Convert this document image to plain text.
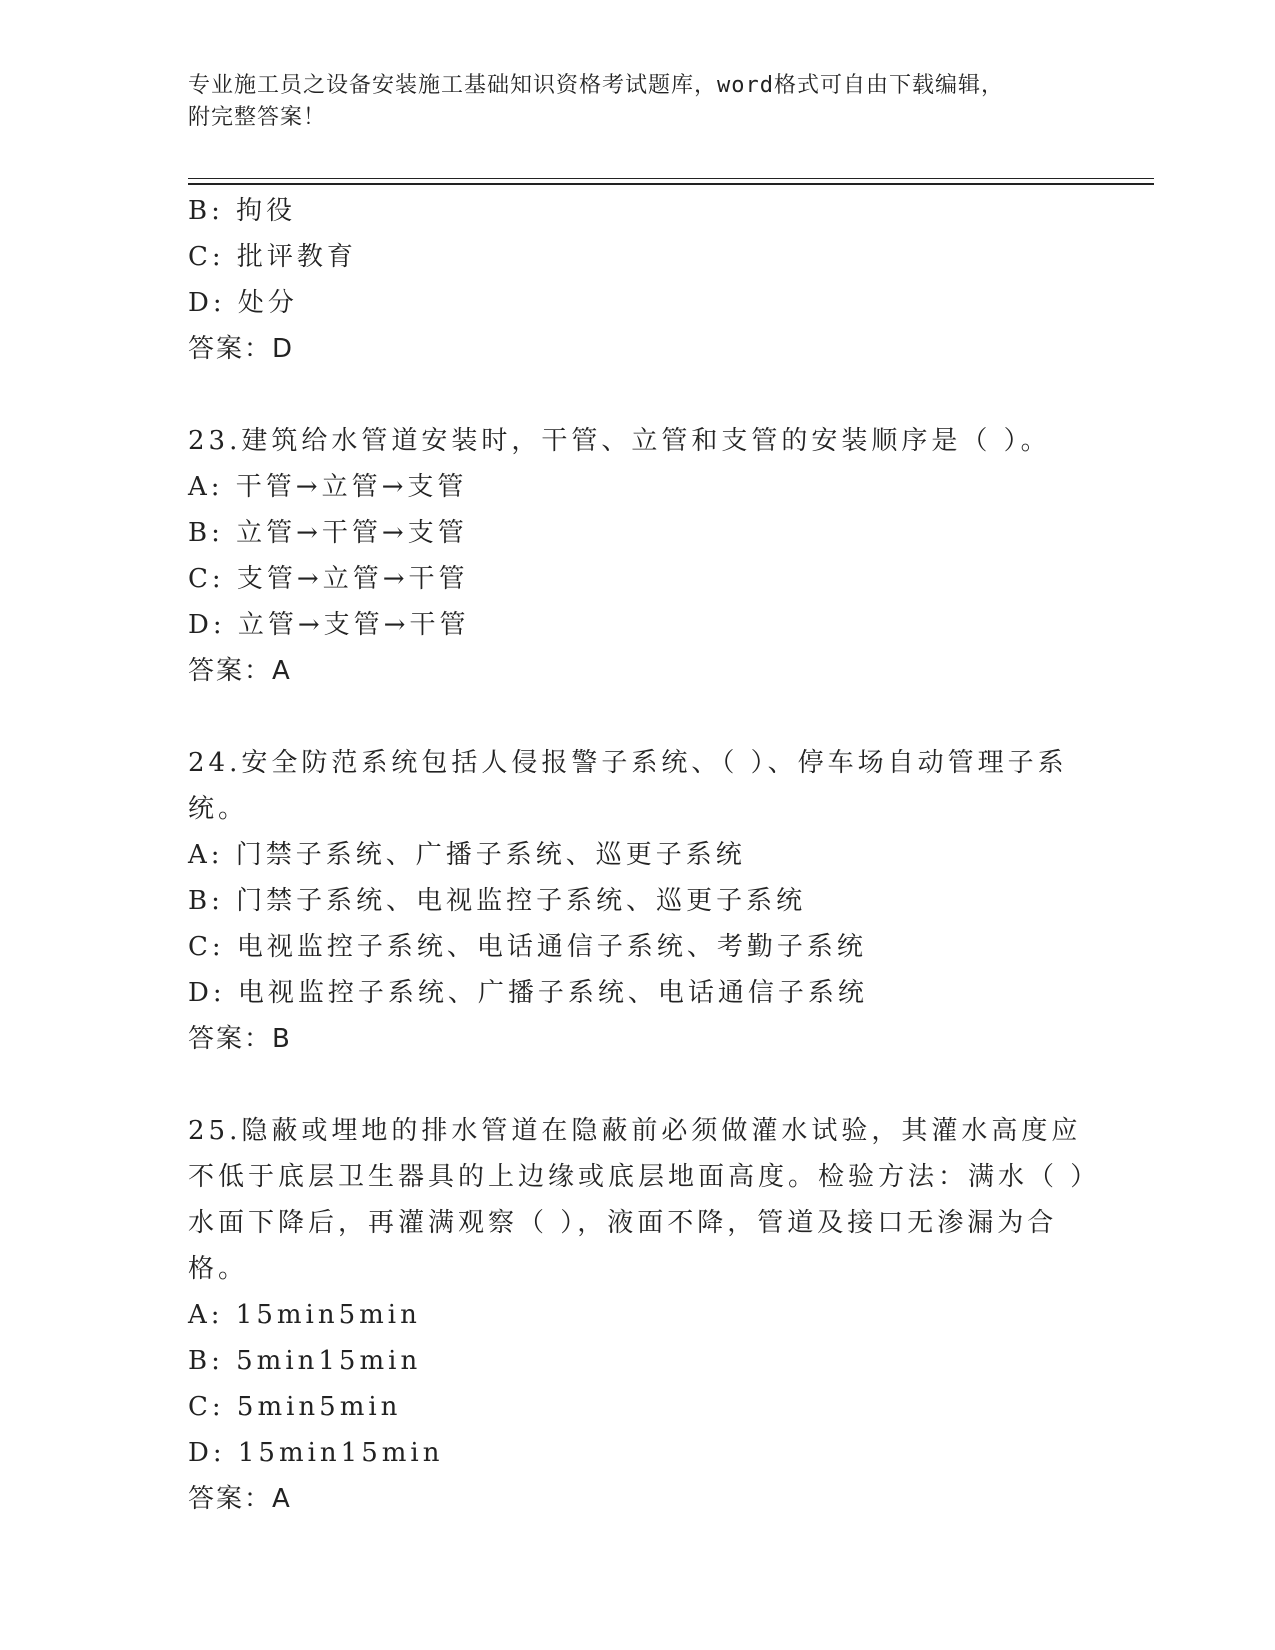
专业施工员之设备安装施工基础知识资格考试题库，word格式可自由下载编辑，
附完整答案！
B: 拘役
C: 批评教育
D: 处分
答案：D
23.建筑给水管道安装时，干管、立管和支管的安装顺序是（ ）。
A: 干管→立管→支管
B: 立管→干管→支管
C: 支管→立管→干管
D: 立管→支管→干管
答案：A
24.安全防范系统包括人侵报警子系统、（ ）、停车场自动管理子系统。
A: 门禁子系统、广播子系统、巡更子系统
B: 门禁子系统、电视监控子系统、巡更子系统
C: 电视监控子系统、电话通信子系统、考勤子系统
D: 电视监控子系统、广播子系统、电话通信子系统
答案：B
25.隐蔽或埋地的排水管道在隐蔽前必须做灌水试验，其灌水高度应不低于底层卫生器具的上边缘或底层地面高度。检验方法：满水（ ）水面下降后，再灌满观察（ ），液面不降，管道及接口无渗漏为合格。
A: 15min5min
B: 5min15min
C: 5min5min
D: 15min15min
答案：A
